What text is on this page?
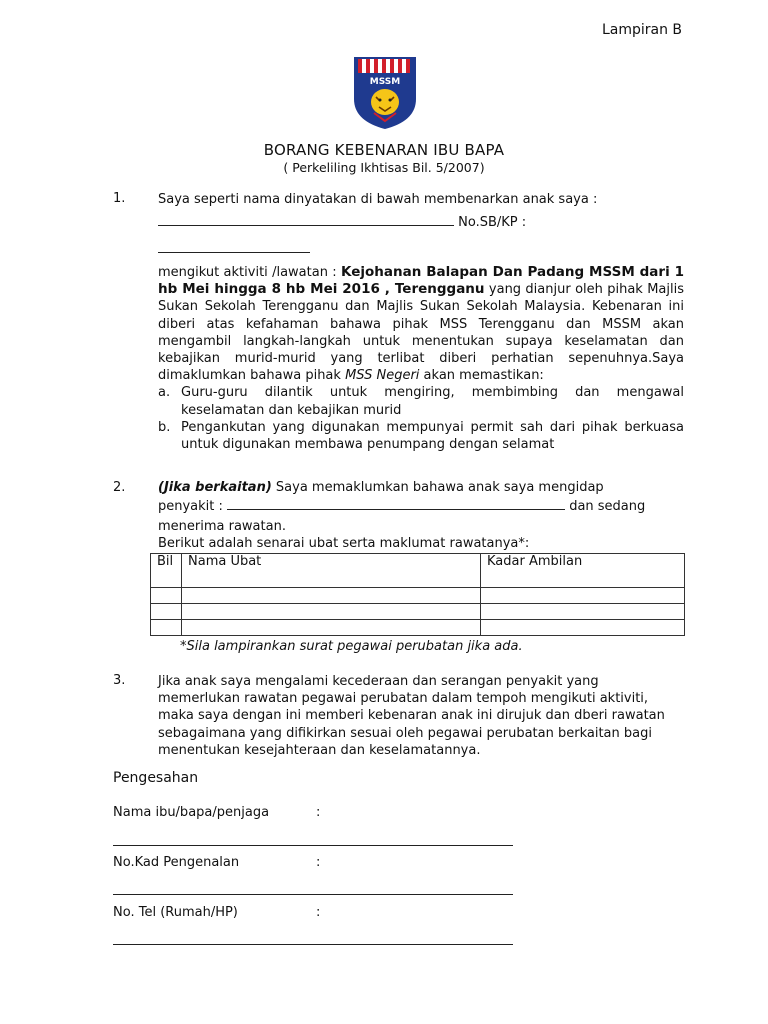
Lampiran B
MSSM
BORANG KEBENARAN IBU BAPA
( Perkeliling Ikhtisas Bil. 5/2007)
1.	Saya seperti nama dinyatakan di bawah membenarkan anak saya :
No.SB/KP :
mengikut aktiviti /lawatan : Kejohanan Balapan Dan Padang MSSM dari 1 hb Mei hingga 8 hb Mei 2016 , Terengganu yang dianjur oleh pihak Majlis Sukan Sekolah Terengganu dan Majlis Sukan Sekolah Malaysia. Kebenaran ini diberi atas kefahaman bahawa pihak MSS Terengganu dan MSSM akan mengambil langkah-langkah untuk menentukan supaya keselamatan dan kebajikan murid-murid yang terlibat diberi perhatian sepenuhnya.Saya dimaklumkan bahawa pihak MSS Negeri akan memastikan:
a. Guru-guru dilantik untuk mengiring, membimbing dan mengawal keselamatan dan kebajikan murid
b. Pengankutan yang digunakan mempunyai permit sah dari pihak berkuasa untuk digunakan membawa penumpang dengan selamat
2.	(Jika berkaitan) Saya memaklumkan bahawa anak saya mengidap
penyakit :	dan sedang
menerima rawatan.
Berikut adalah senarai ubat serta maklumat rawatanya*:
Bil	Nama Ubat	Kadar Ambilan

*Sila lampirankan surat pegawai perubatan jika ada.
3.	Jika anak saya mengalami kecederaan dan serangan penyakit yang memerlukan rawatan pegawai perubatan dalam tempoh mengikuti aktiviti, maka saya dengan ini memberi kebenaran anak ini dirujuk dan dberi rawatan sebagaimana yang difikirkan sesuai oleh pegawai perubatan berkaitan bagi menentukan kesejahteraan dan keselamatannya.
Pengesahan
Nama ibu/bapa/penjaga	:
No.Kad Pengenalan	:
No. Tel (Rumah/HP)	:
